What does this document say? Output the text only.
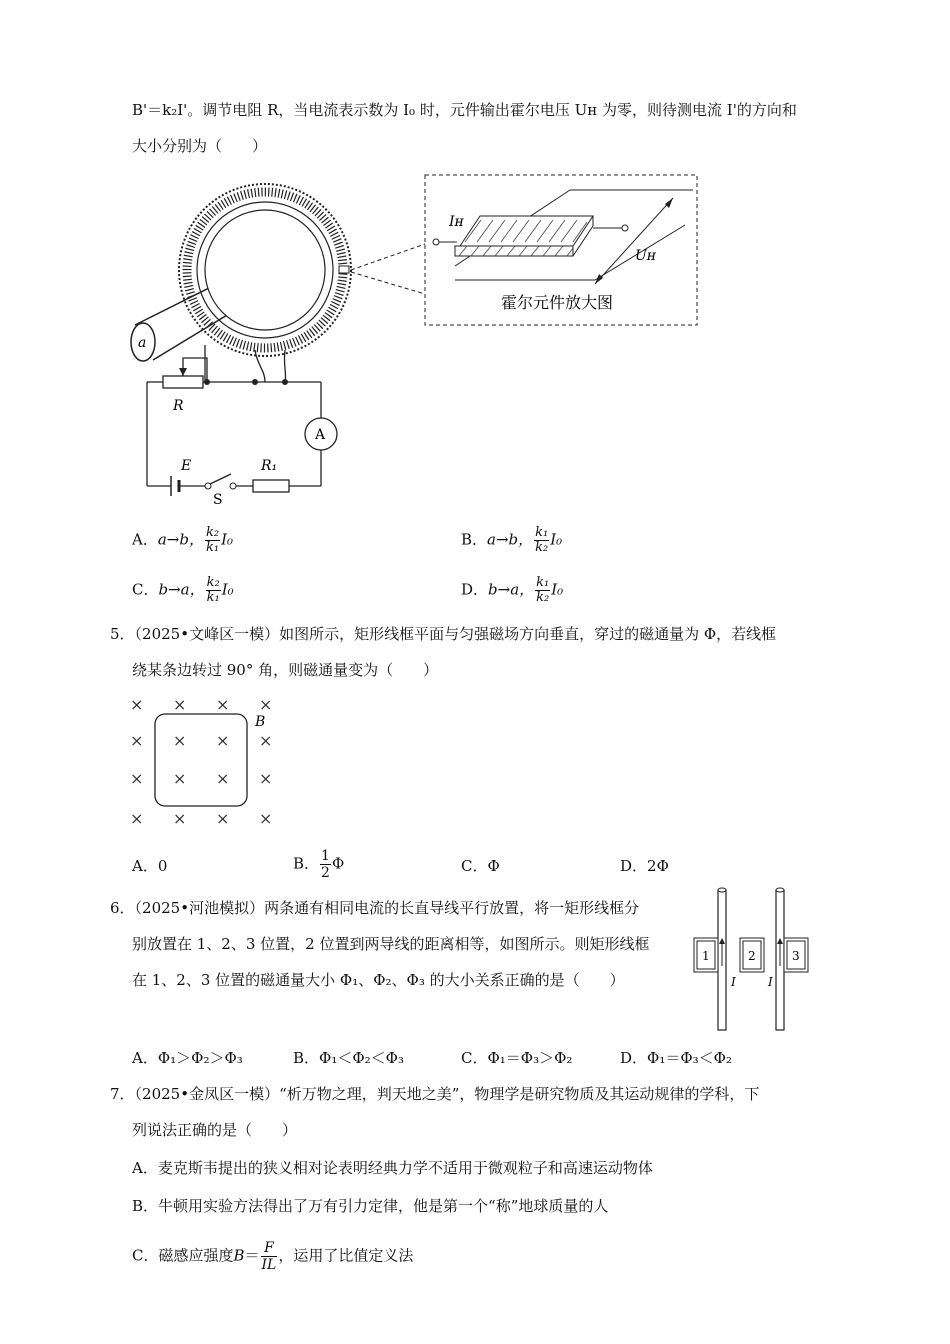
B'＝k₂I'。调节电阻 R，当电流表示数为 I₀ 时，元件输出霍尔电压 Uʜ 为零，则待测电流 I'的方向和
大小分别为（　　）
a
R
A
E
S
R₁
Iʜ
Uʜ
霍尔元件放大图
A．a→b， $\frac{\text{k₂}}{\text{k₁}} I_0$	B．a→b， $\frac{\text{k₁}}{\text{k₂}} I_0$
C．b→a， $\frac{\text{k₂}}{\text{k₁}} I_0$	D．b→a， $\frac{\text{k₁}}{\text{k₂}} I_0$
5．（2025•文峰区一模）如图所示，矩形线框平面与匀强磁场方向垂直，穿过的磁通量为 Φ，若线框
绕某条边转过 90° 角，则磁通量变为（　　）
× × × ×
× × × ×
× × × ×
× × × ×
B
A．0	B． $\frac{1}{2}$ Φ	C．Φ	D．2Φ
6．（2025•河池模拟）两条通有相同电流的长直导线平行放置，将一矩形线框分
别放置在 1、2、3 位置，2 位置到两导线的距离相等，如图所示。则矩形线框
在 1、2、3 位置的磁通量大小 Φ₁、Φ₂、Φ₃ 的大小关系正确的是（　　）
1	2	3
I	I
A．Φ₁＞Φ₂＞Φ₃	B．Φ₁＜Φ₂＜Φ₃	C．Φ₁＝Φ₃＞Φ₂	D．Φ₁＝Φ₃＜Φ₂
7．（2025•金凤区一模）“析万物之理，判天地之美”，物理学是研究物质及其运动规律的学科，下
列说法正确的是（　　）
A．麦克斯韦提出的狭义相对论表明经典力学不适用于微观粒子和高速运动物体
B．牛顿用实验方法得出了万有引力定律，他是第一个“称”地球质量的人
C．磁感应强度$B= \frac{F}{IL}$ ，运用了比值定义法
